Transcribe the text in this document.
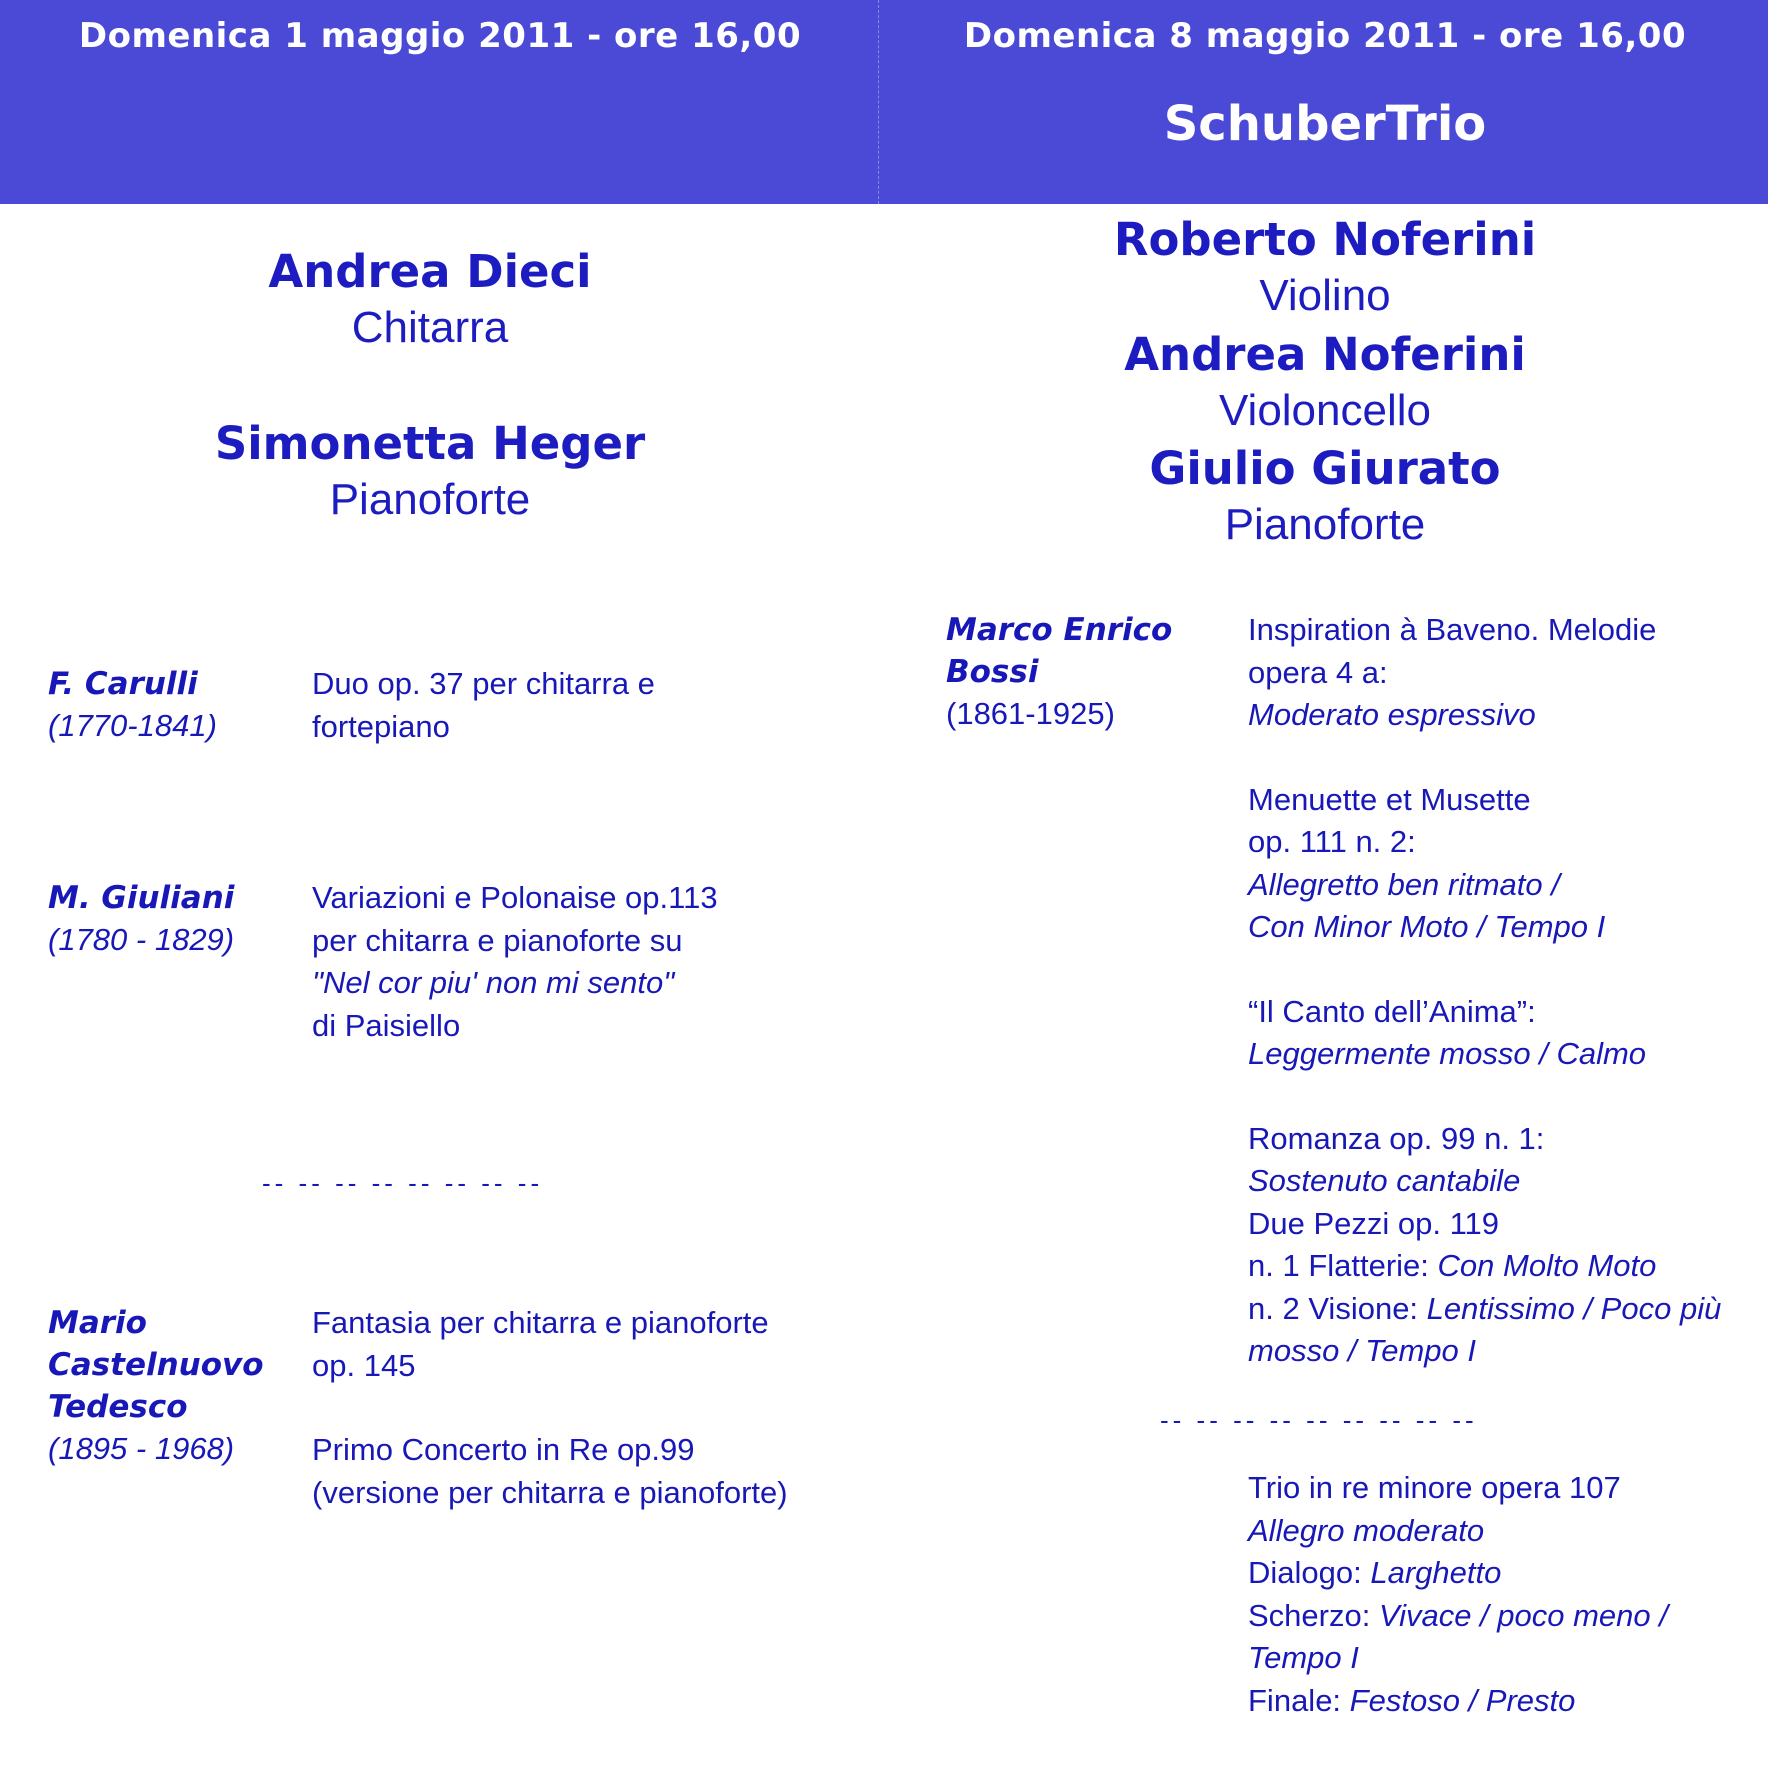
Domenica 1 maggio 2011 - ore 16,00	Domenica 8 maggio 2011 - ore 16,00
SchuberTrio
Andrea Dieci
Chitarra
Simonetta Heger
Pianoforte
Roberto Noferini
Violino
Andrea Noferini
Violoncello
Giulio Giurato
Pianoforte
F. Carulli
(1770-1841)
Duo op. 37 per chitarra e
fortepiano
M. Giuliani
(1780 - 1829)
Variazioni e Polonaise op.113
per chitarra e pianoforte su
"Nel cor piu' non mi sento"
di Paisiello
-- -- -- -- -- -- -- --
Mario
Castelnuovo
Tedesco
(1895 - 1968)
Fantasia per chitarra e pianoforte
op. 145
Primo Concerto in Re op.99
(versione per chitarra e pianoforte)
Marco Enrico
Bossi
(1861-1925)
Inspiration à Baveno. Melodie
opera 4 a:
Moderato espressivo
Menuette et Musette
op. 111 n. 2:
Allegretto ben ritmato /
Con Minor Moto / Tempo I
“Il Canto dell’Anima”:
Leggermente mosso / Calmo
Romanza op. 99 n. 1:
Sostenuto cantabile
Due Pezzi op. 119
n. 1 Flatterie: Con Molto Moto
n. 2 Visione: Lentissimo / Poco più
mosso / Tempo I
-- -- -- -- -- -- -- -- --
Trio in re minore opera 107
Allegro moderato
Dialogo: Larghetto
Scherzo: Vivace / poco meno /
Tempo I
Finale: Festoso / Presto
